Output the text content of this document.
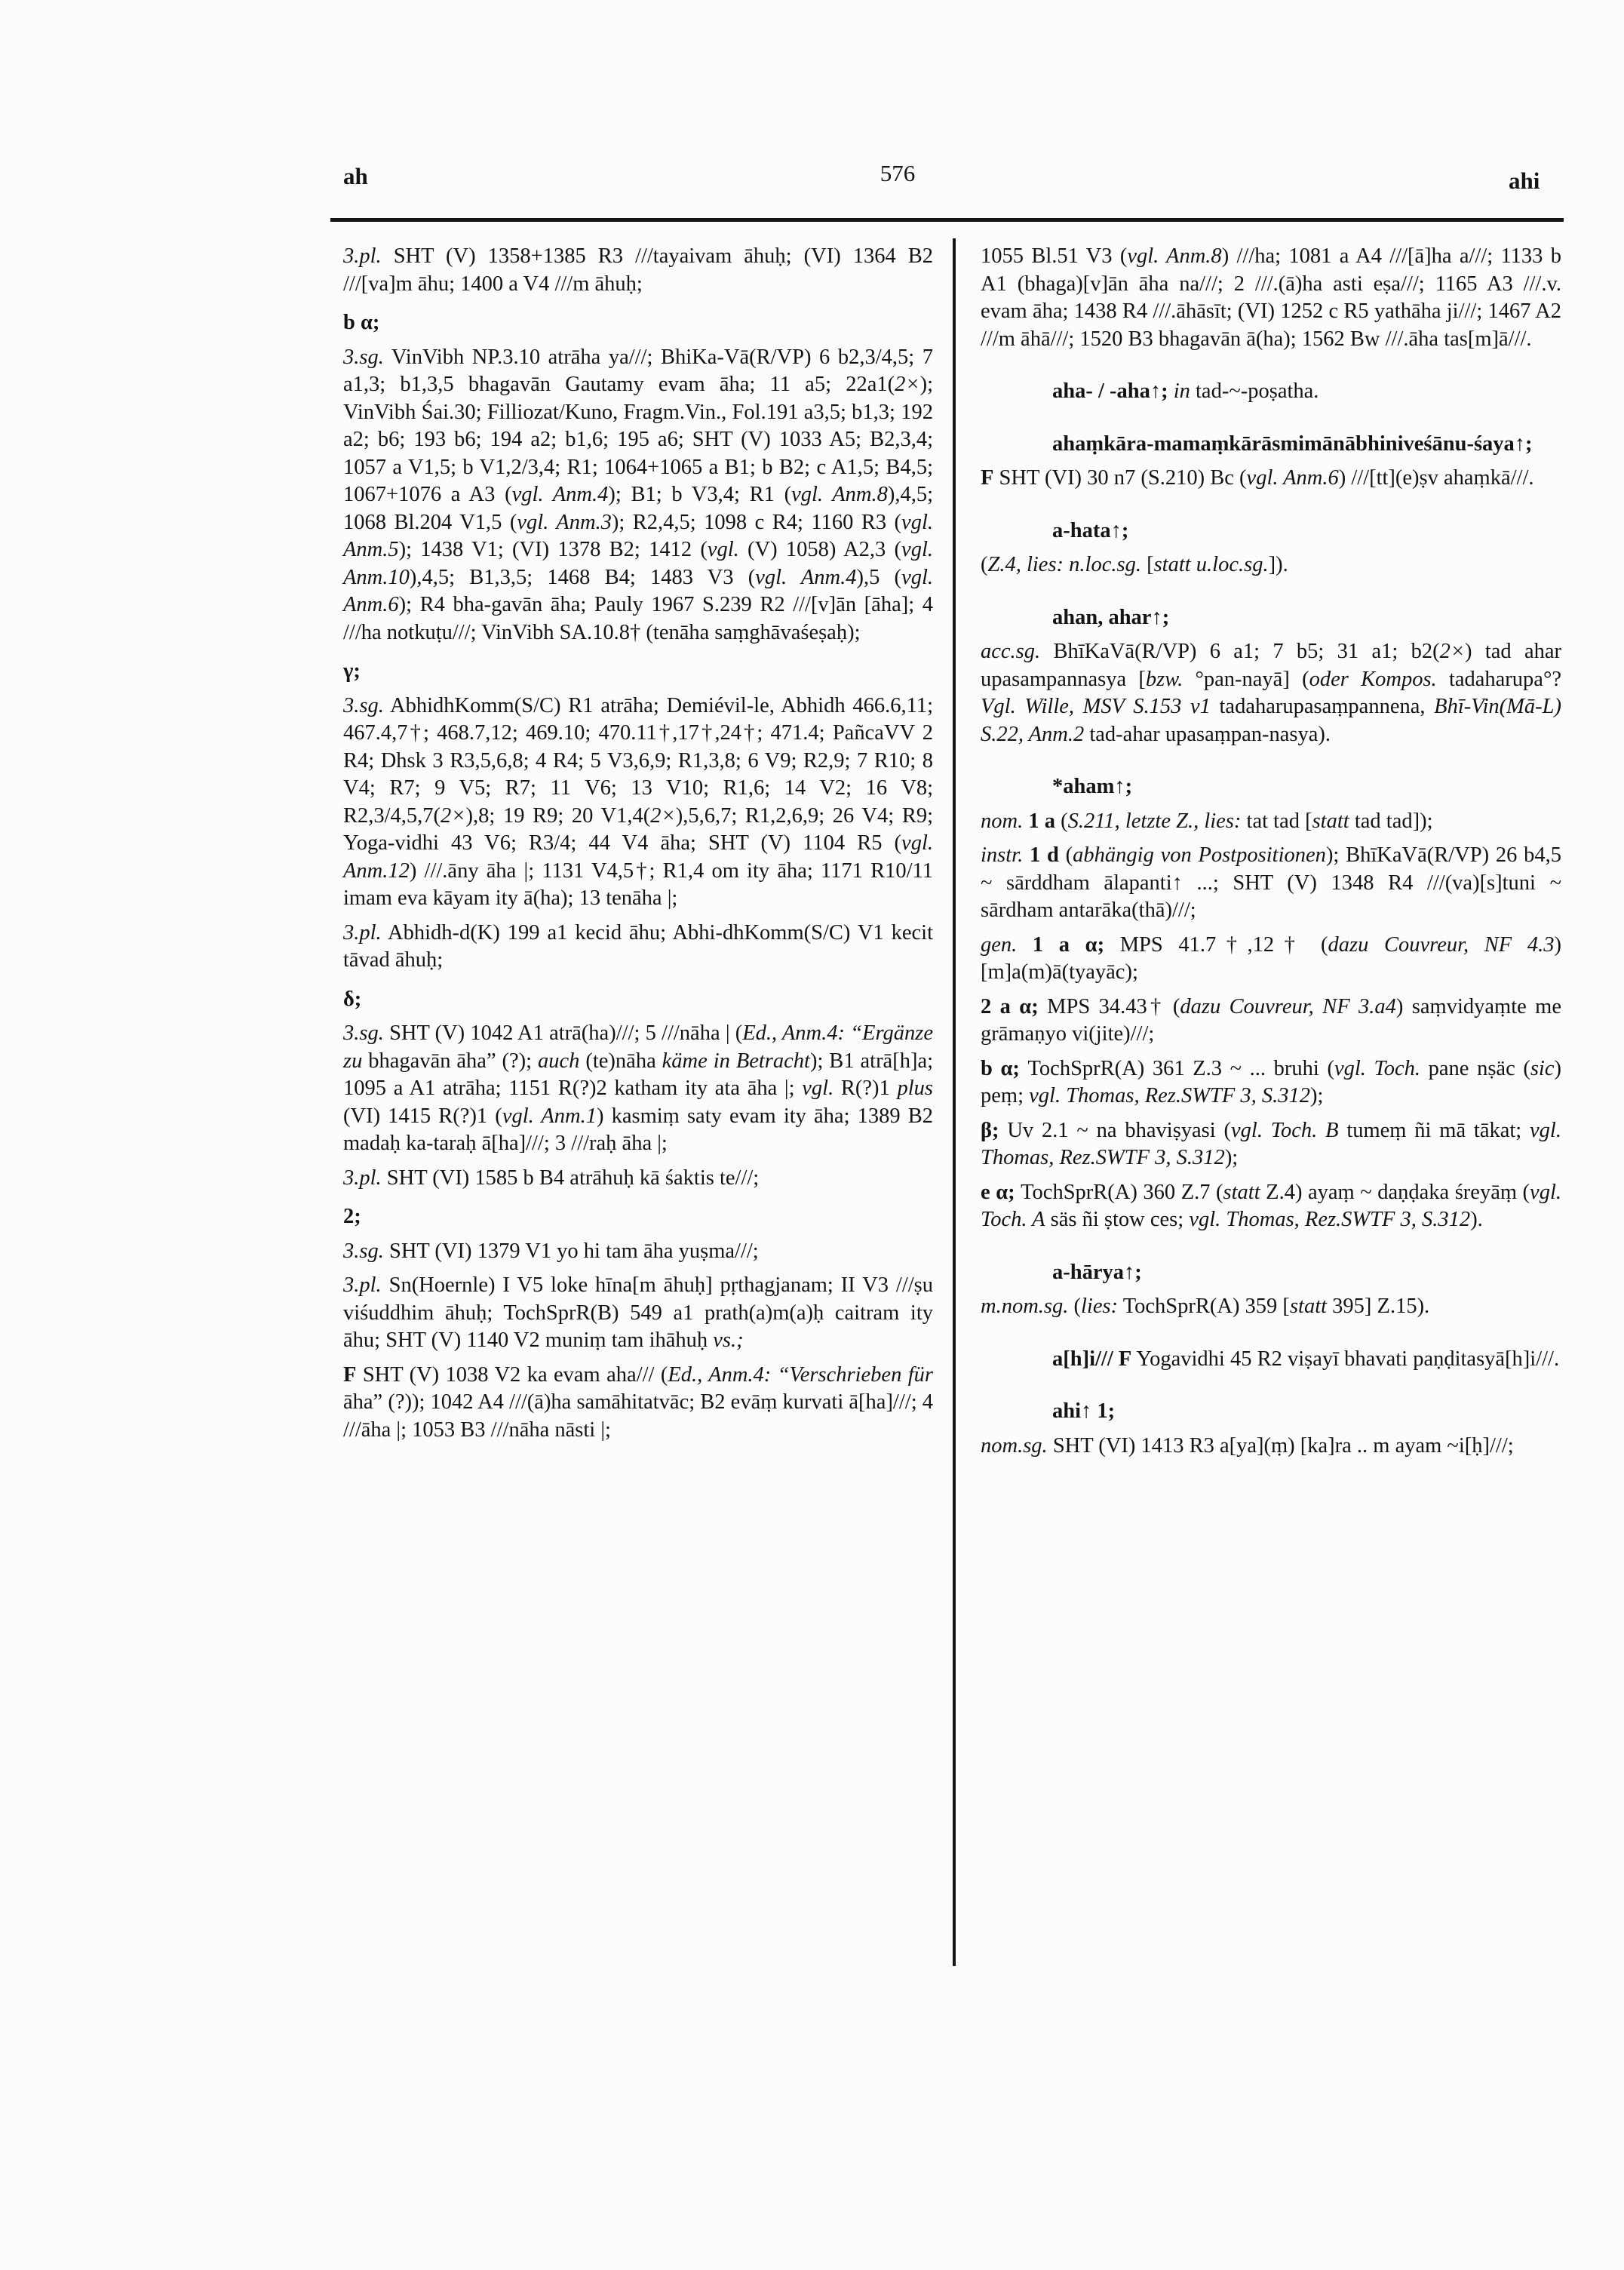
ah	576	ahi

3.pl. SHT (V) 1358+1385 R3 ///tayaivam āhuḥ; (VI) 1364 B2 ///[va]m āhu; 1400 a V4 ///m āhuḥ;

b α;

3.sg. VinVibh NP.3.10 atrāha ya///; BhiKa-Vā(R/VP) 6 b2,3/4,5; 7 a1,3; b1,3,5 bhagavān Gautamy evam āha; 11 a5; 22a1(2×); VinVibh Śai.30; Filliozat/Kuno, Fragm.Vin., Fol.191 a3,5; b1,3; 192 a2; b6; 193 b6; 194 a2; b1,6; 195 a6; SHT (V) 1033 A5; B2,3,4; 1057 a V1,5; b V1,2/3,4; R1; 1064+1065 a B1; b B2; c A1,5; B4,5; 1067+1076 a A3 (vgl. Anm.4); B1; b V3,4; R1 (vgl. Anm.8),4,5; 1068 Bl.204 V1,5 (vgl. Anm.3); R2,4,5; 1098 c R4; 1160 R3 (vgl. Anm.5); 1438 V1; (VI) 1378 B2; 1412 (vgl. (V) 1058) A2,3 (vgl. Anm.10),4,5; B1,3,5; 1468 B4; 1483 V3 (vgl. Anm.4),5 (vgl. Anm.6); R4 bha-gavān āha; Pauly 1967 S.239 R2 ///[v]ān [āha]; 4 ///ha notkuṭu///; VinVibh SA.10.8† (tenāha saṃghāvaśeṣaḥ);

γ;

3.sg. AbhidhKomm(S/C) R1 atrāha; Demiévil-le, Abhidh 466.6,11; 467.4,7†; 468.7,12; 469.10; 470.11†,17†,24†; 471.4; PañcaVV 2 R4; Dhsk 3 R3,5,6,8; 4 R4; 5 V3,6,9; R1,3,8; 6 V9; R2,9; 7 R10; 8 V4; R7; 9 V5; R7; 11 V6; 13 V10; R1,6; 14 V2; 16 V8; R2,3/4,5,7(2×),8; 19 R9; 20 V1,4(2×),5,6,7; R1,2,6,9; 26 V4; R9; Yoga-vidhi 43 V6; R3/4; 44 V4 āha; SHT (V) 1104 R5 (vgl. Anm.12) ///.āny āha |; 1131 V4,5†; R1,4 om ity āha; 1171 R10/11 imam eva kāyam ity ā(ha); 13 tenāha |;

3.pl. Abhidh-d(K) 199 a1 kecid āhu; Abhi-dhKomm(S/C) V1 kecit tāvad āhuḥ;

δ;

3.sg. SHT (V) 1042 A1 atrā(ha)///; 5 ///nāha | (Ed., Anm.4: “Ergänze zu bhagavān āha” (?); auch (te)nāha käme in Betracht); B1 atrā[h]a; 1095 a A1 atrāha; 1151 R(?)2 katham ity ata āha |; vgl. R(?)1 plus (VI) 1415 R(?)1 (vgl. Anm.1) kasmiṃ saty evam ity āha; 1389 B2 madaḥ ka-taraḥ ā[ha]///; 3 ///raḥ āha |;

3.pl. SHT (VI) 1585 b B4 atrāhuḥ kā śaktis te///;

2;

3.sg. SHT (VI) 1379 V1 yo hi tam āha yuṣma///;

3.pl. Sn(Hoernle) I V5 loke hīna[m āhuḥ] pṛthagjanam; II V3 ///ṣu viśuddhim āhuḥ; TochSprR(B) 549 a1 prath(a)m(a)ḥ caitram ity āhu; SHT (V) 1140 V2 muniṃ tam ihāhuḥ vs.;

F SHT (V) 1038 V2 ka evam aha/// (Ed., Anm.4: “Verschrieben für āha” (?)); 1042 A4 ///(ā)ha samāhitatvāc; B2 evāṃ kurvati ā[ha]///; 4 ///āha |; 1053 B3 ///nāha nāsti |;

1055 Bl.51 V3 (vgl. Anm.8) ///ha; 1081 a A4 ///[ā]ha a///; 1133 b A1 (bhaga)[v]ān āha na///; 2 ///.(ā)ha asti eṣa///; 1165 A3 ///.v. evam āha; 1438 R4 ///.āhāsīt; (VI) 1252 c R5 yathāha ji///; 1467 A2 ///m āhā///; 1520 B3 bhagavān ā(ha); 1562 Bw ///.āha tas[m]ā///.

aha- / -aha↑; in tad-~-poṣatha.

ahaṃkāra-mamaṃkārāsmimānābhiniveśānu-śaya↑;

F SHT (VI) 30 n7 (S.210) Bc (vgl. Anm.6) ///[tt](e)ṣv ahaṃkā///.

a-hata↑;

(Z.4, lies: n.loc.sg. [statt u.loc.sg.]).

ahan, ahar↑;

acc.sg. BhīKaVā(R/VP) 6 a1; 7 b5; 31 a1; b2(2×) tad ahar upasampannasya [bzw. °pan-nayā] (oder Kompos. tadaharupa°? Vgl. Wille, MSV S.153 v1 tadaharupasaṃpannena, Bhī-Vin(Mā-L) S.22, Anm.2 tad-ahar upasaṃpan-nasya).

*aham↑;

nom. 1 a (S.211, letzte Z., lies: tat tad [statt tad tad]);

instr. 1 d (abhängig von Postpositionen); BhīKaVā(R/VP) 26 b4,5 ~ sārddham ālapanti↑ ...; SHT (V) 1348 R4 ///(va)[s]tuni ~ sārdham antarāka(thā)///;

gen. 1 a α; MPS 41.7†,12† (dazu Couvreur, NF 4.3) [m]a(m)ā(tyayāc);

2 a α; MPS 34.43† (dazu Couvreur, NF 3.a4) saṃvidyaṃte me grāmaṇyo vi(jite)///;

b α; TochSprR(A) 361 Z.3 ~ ... bruhi (vgl. Toch. pane nṣäc (sic) peṃ; vgl. Thomas, Rez.SWTF 3, S.312);

β; Uv 2.1 ~ na bhaviṣyasi (vgl. Toch. B tumeṃ ñi mā tākat; vgl. Thomas, Rez.SWTF 3, S.312);

e α; TochSprR(A) 360 Z.7 (statt Z.4) ayaṃ ~ daṇḍaka śreyāṃ (vgl. Toch. A säs ñi ṣtow ces; vgl. Thomas, Rez.SWTF 3, S.312).

a-hārya↑;

m.nom.sg. (lies: TochSprR(A) 359 [statt 395] Z.15).

a[h]i/// F Yogavidhi 45 R2 viṣayī bhavati paṇḍitasyā[h]i///.

ahi↑ 1;

nom.sg. SHT (VI) 1413 R3 a[ya](ṃ) [ka]ra .. m ayam ~i[ḥ]///;
